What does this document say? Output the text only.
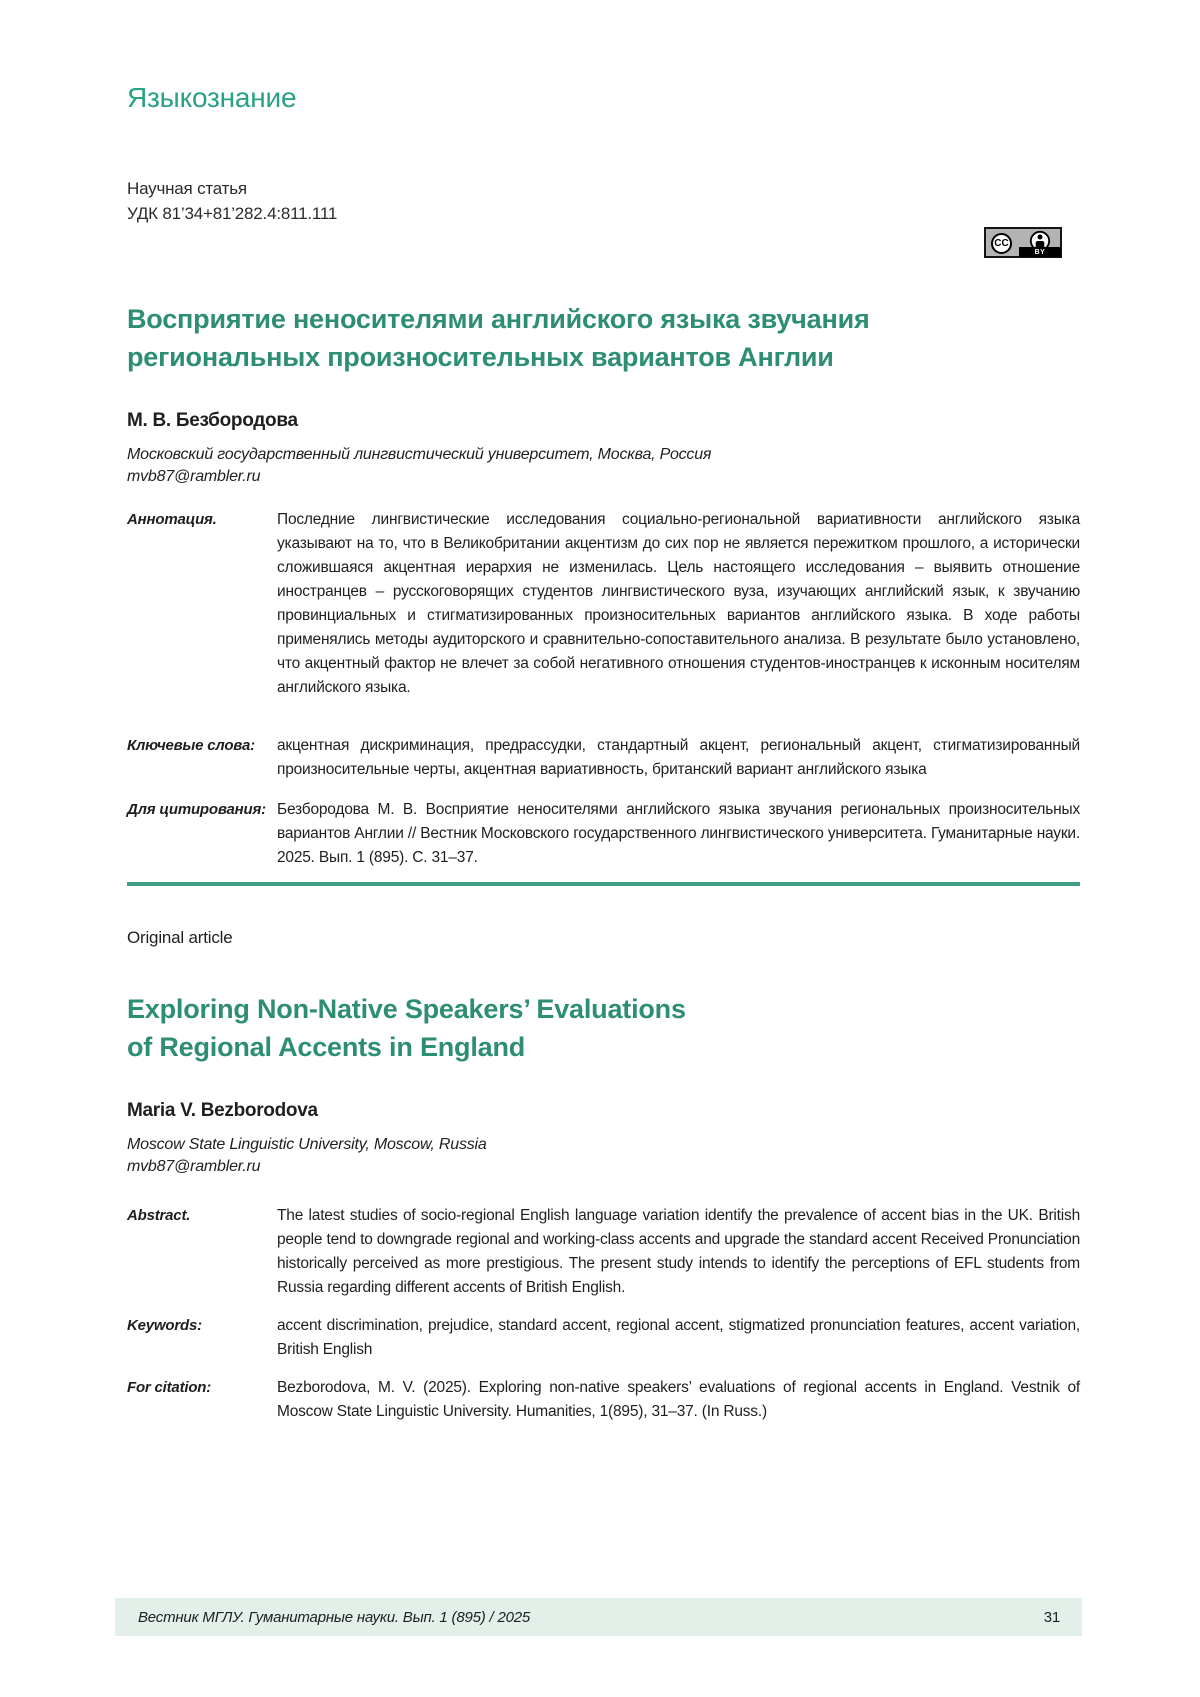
Языкознание
Научная статья
УДК 81’34+81’282.4:811.111
CC
BY
Восприятие неносителями английского языка звучания
региональных произносительных вариантов Англии
М. В. Безбородова
Московский государственный лингвистический университет, Москва, Россия
mvb87@rambler.ru
Аннотация.	Последние лингвистические исследования социально-региональной вариативности английского языка указывают на то, что в Великобритании акцентизм до сих пор не является пережитком прошлого, а исторически сложившаяся акцентная иерархия не изменилась. Цель настоящего исследования – выявить отношение иностранцев – русскоговорящих студентов лингвистического вуза, изучающих английский язык, к звучанию провинциальных и стигматизированных произносительных вариантов английского языка. В ходе работы применялись методы аудиторского и сравнительно-сопоставительного анализа. В результате было установлено, что акцентный фактор не влечет за собой негативного отношения студентов-иностранцев к исконным носителям английского языка.
Ключевые слова:	акцентная дискриминация, предрассудки, стандартный акцент, региональный акцент, стигматизированный произносительные черты, акцентная вариативность, британский вариант английского языка
Для цитирования: Безбородова М. В. Восприятие неносителями английского языка звучания региональных произносительных вариантов Англии // Вестник Московского государственного лингвистического университета. Гуманитарные науки. 2025. Вып. 1 (895). С. 31–37.
Original article
Exploring Non-Native Speakers’ Evaluations
of Regional Accents in England
Maria V. Bezborodova
Moscow State Linguistic University, Moscow, Russia
mvb87@rambler.ru
Abstract.	The latest studies of socio-regional English language variation identify the prevalence of accent bias in the UK. British people tend to downgrade regional and working-class accents and upgrade the standard accent Received Pronunciation historically perceived as more prestigious. The present study intends to identify the perceptions of EFL students from Russia regarding different accents of British English.
Keywords:	accent discrimination, prejudice, standard accent, regional accent, stigmatized pronunciation features, accent variation, British English
For citation:	Bezborodova, M. V. (2025). Exploring non-native speakers’ evaluations of regional accents in England. Vestnik of Moscow State Linguistic University. Humanities, 1(895), 31–37. (In Russ.)
Вестник МГЛУ. Гуманитарные науки. Вып. 1 (895) / 2025	31
